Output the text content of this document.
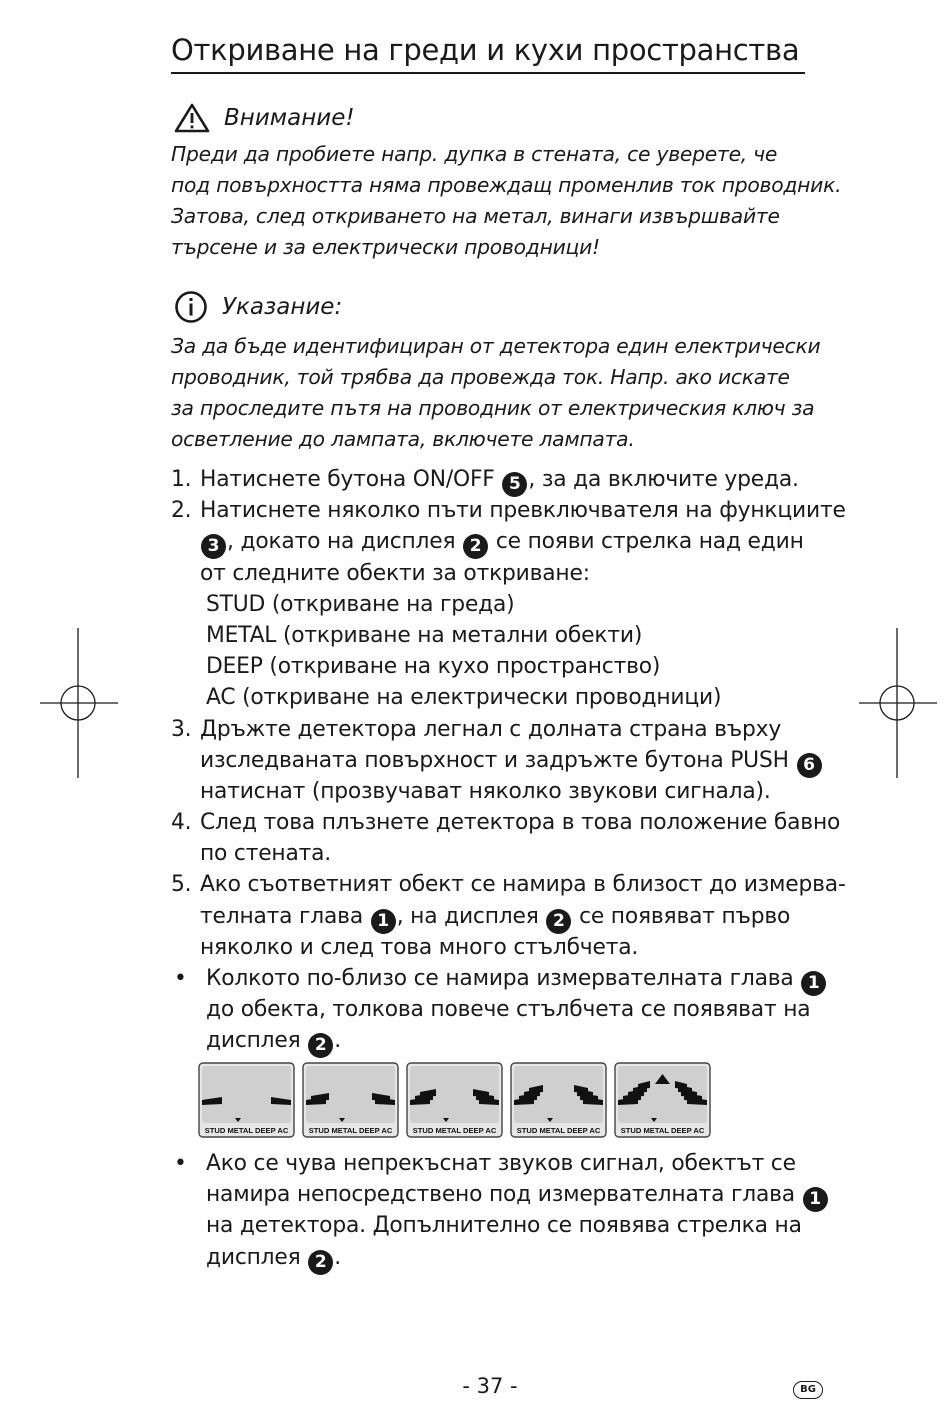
Откриване на греди и кухи пространства
Внимание!
Преди да пробиете напр. дупка в стената, се уверете, че
под повърхността няма провеждащ променлив ток проводник.
Затова, след откриването на метал, винаги извършвайте
търсене и за електрически проводници!
Указание:
За да бъде идентифициран от детектора един електрически
проводник, той трябва да провежда ток. Напр. ако искате
за проследите пътя на проводник от електрическия ключ за
осветление до лампата, включете лампата.
1. Натиснете бутона ON/OFF 5 , за да включите уреда.
2. Натиснете няколко пъти превключвателя на функциите
3 , докато на дисплея 2 се появи стрелка над един
от следните обекти за откриване:
STUD (откриване на греда)
METAL (откриване на метални обекти)
DEEP (откриване на кухо пространство)
AC (откриване на електрически проводници)
3. Дръжте детектора легнал с долната страна върху
изследваната повърхност и задръжте бутона PUSH 6
натиснат (прозвучават няколко звукови сигнала).
4. След това плъзнете детектора в това положение бавно
по стената.
5. Ако съответният обект се намира в близост до измерва-
телната глава 1 , на дисплея 2 се появяват първо
няколко и след това много стълбчета.
• Колкото по-близо се намира измервателната глава 1
до обекта, толкова повече стълбчета се появяват на
дисплея 2 .
STUD METAL DEEP AC	STUD METAL DEEP AC	STUD METAL DEEP AC	STUD METAL DEEP AC	STUD METAL DEEP AC
• Ако се чува непрекъснат звуков сигнал, обектът се
намира непосредствено под измервателната глава 1
на детектора. Допълнително се появява стрелка на
дисплея 2 .
- 37 -	BG
